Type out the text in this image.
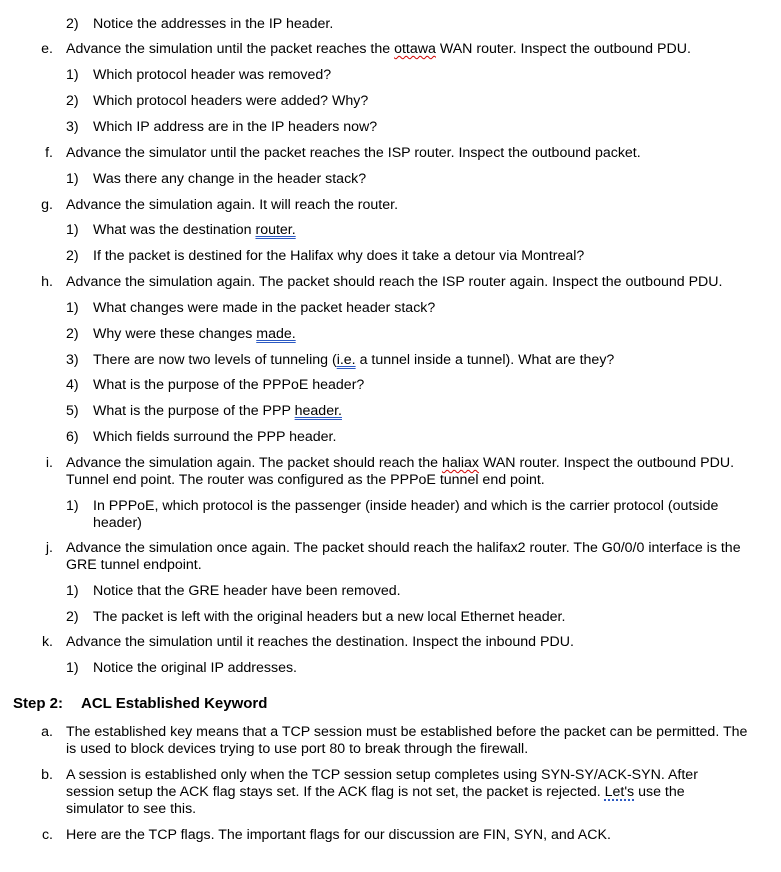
2) Notice the addresses in the IP header.
e. Advance the simulation until the packet reaches the ottawa WAN router. Inspect the outbound PDU.
1) Which protocol header was removed?
2) Which protocol headers were added? Why?
3) Which IP address are in the IP headers now?
f. Advance the simulator until the packet reaches the ISP router. Inspect the outbound packet.
1) Was there any change in the header stack?
g. Advance the simulation again. It will reach the router.
1) What was the destination router.
2) If the packet is destined for the Halifax why does it take a detour via Montreal?
h. Advance the simulation again. The packet should reach the ISP router again. Inspect the outbound PDU.
1) What changes were made in the packet header stack?
2) Why were these changes made.
3) There are now two levels of tunneling (i.e. a tunnel inside a tunnel). What are they?
4) What is the purpose of the PPPoE header?
5) What is the purpose of the PPP header.
6) Which fields surround the PPP header.
i. Advance the simulation again. The packet should reach the haliax WAN router. Inspect the outbound PDU. Tunnel end point. The router was configured as the PPPoE tunnel end point.
1) In PPPoE, which protocol is the passenger (inside header) and which is the carrier protocol (outside header)
j. Advance the simulation once again. The packet should reach the halifax2 router. The G0/0/0 interface is the GRE tunnel endpoint.
1) Notice that the GRE header have been removed.
2) The packet is left with the original headers but a new local Ethernet header.
k. Advance the simulation until it reaches the destination. Inspect the inbound PDU.
1) Notice the original IP addresses.
Step 2: ACL Established Keyword
a. The established key means that a TCP session must be established before the packet can be permitted. The is used to block devices trying to use port 80 to break through the firewall.
b. A session is established only when the TCP session setup completes using SYN-SY/ACK-SYN. After session setup the ACK flag stays set. If the ACK flag is not set, the packet is rejected. Let's use the simulator to see this.
c. Here are the TCP flags. The important flags for our discussion are FIN, SYN, and ACK.
